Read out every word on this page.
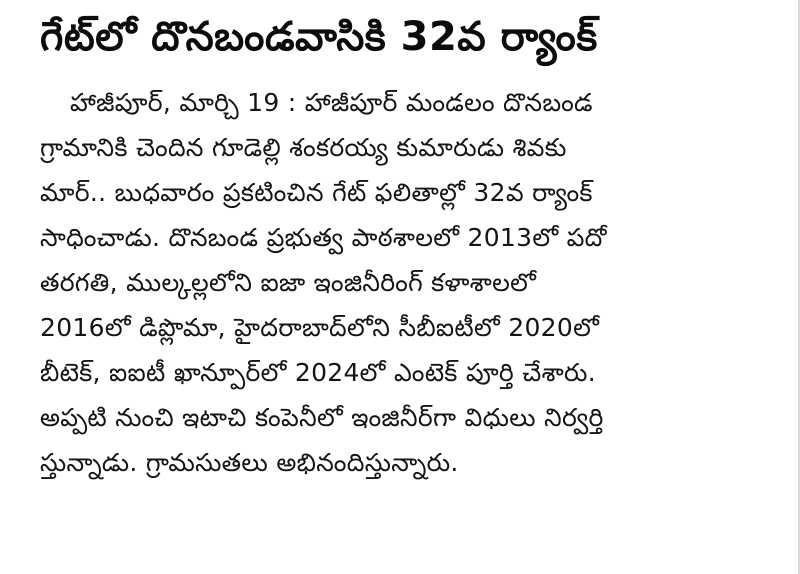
గేట్‌లో దొనబండవాసికి 32వ ర్యాంక్
హాజీపూర్, మార్చి 19 : హాజీపూర్ మండలం దొనబండ
గ్రామానికి చెందిన గూడెల్లి శంకరయ్య కుమారుడు శివకు
మార్.. బుధవారం ప్రకటించిన గేట్ ఫలితాల్లో 32వ ర్యాంక్
సాధించాడు. దొనబండ ప్రభుత్వ పాఠశాలలో 2013లో పదో
తరగతి, ముల్కల్లలోని ఐజా ఇంజినీరింగ్ కళాశాలలో
2016లో డిప్లొమా, హైదరాబాద్‌లోని సీబీఐటీలో 2020లో
బీటెక్, ఐఐటీ ఖాన్పూర్‌లో 2024లో ఎంటెక్ పూర్తి చేశారు.
అప్పటి నుంచి ఇటాచి కంపెనీలో ఇంజినీర్‌గా విధులు నిర్వర్తి
స్తున్నాడు. గ్రామసుతలు అభినందిస్తున్నారు.
